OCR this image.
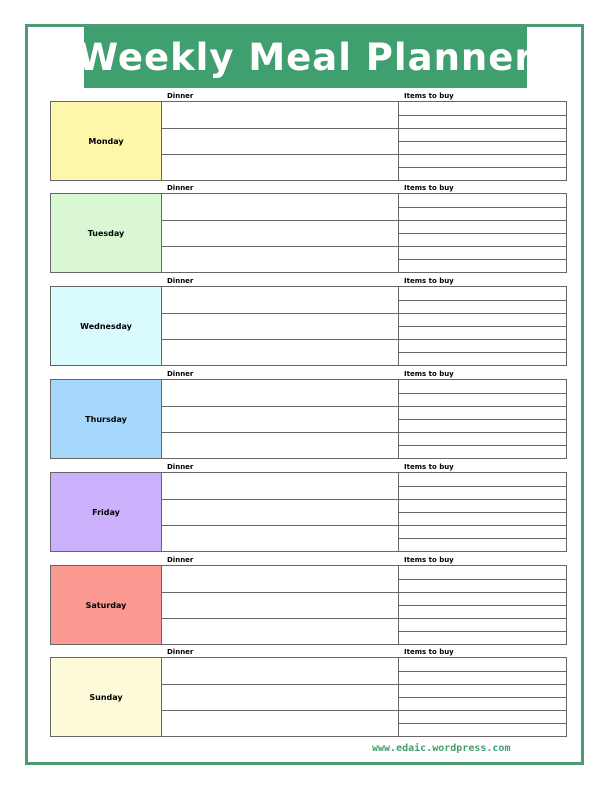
Weekly Meal Planner
Dinner	Items to buy
Monday
Dinner	Items to buy
Tuesday
Dinner	Items to buy
Wednesday
Dinner	Items to buy
Thursday
Dinner	Items to buy
Friday
Dinner	Items to buy
Saturday
Dinner	Items to buy
Sunday
www.edaic.wordpress.com
